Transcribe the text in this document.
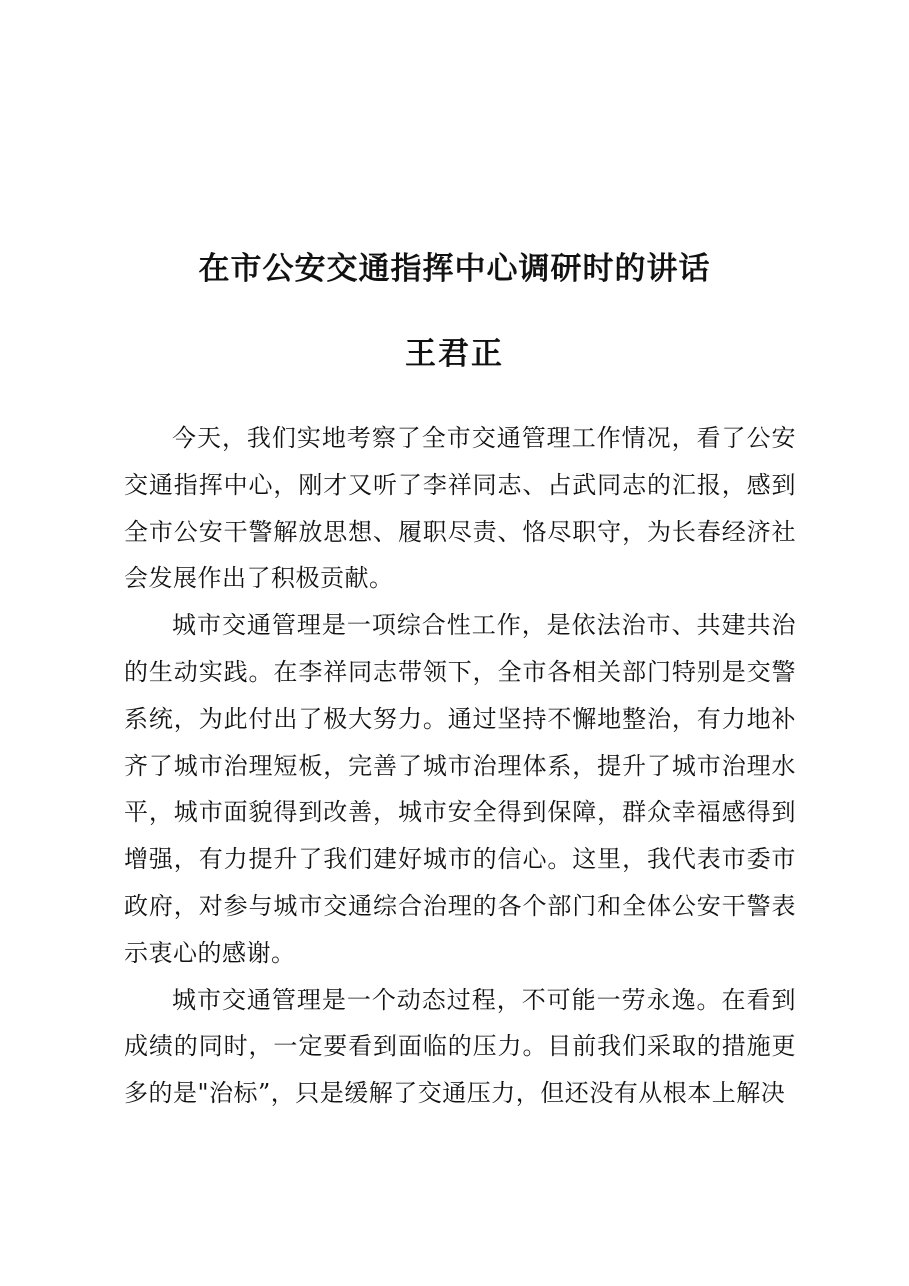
在市公安交通指挥中心调研时的讲话
王君正

今天，我们实地考察了全市交通管理工作情况，看了公安交通指挥中心，刚才又听了李祥同志、占武同志的汇报，感到全市公安干警解放思想、履职尽责、恪尽职守，为长春经济社会发展作出了积极贡献。

城市交通管理是一项综合性工作，是依法治市、共建共治的生动实践。在李祥同志带领下，全市各相关部门特别是交警系统，为此付出了极大努力。通过坚持不懈地整治，有力地补齐了城市治理短板，完善了城市治理体系，提升了城市治理水平，城市面貌得到改善，城市安全得到保障，群众幸福感得到增强，有力提升了我们建好城市的信心。这里，我代表市委市政府，对参与城市交通综合治理的各个部门和全体公安干警表示衷心的感谢。

城市交通管理是一个动态过程，不可能一劳永逸。在看到成绩的同时，一定要看到面临的压力。目前我们采取的措施更多的是"治标”，只是缓解了交通压力，但还没有从根本上解决
